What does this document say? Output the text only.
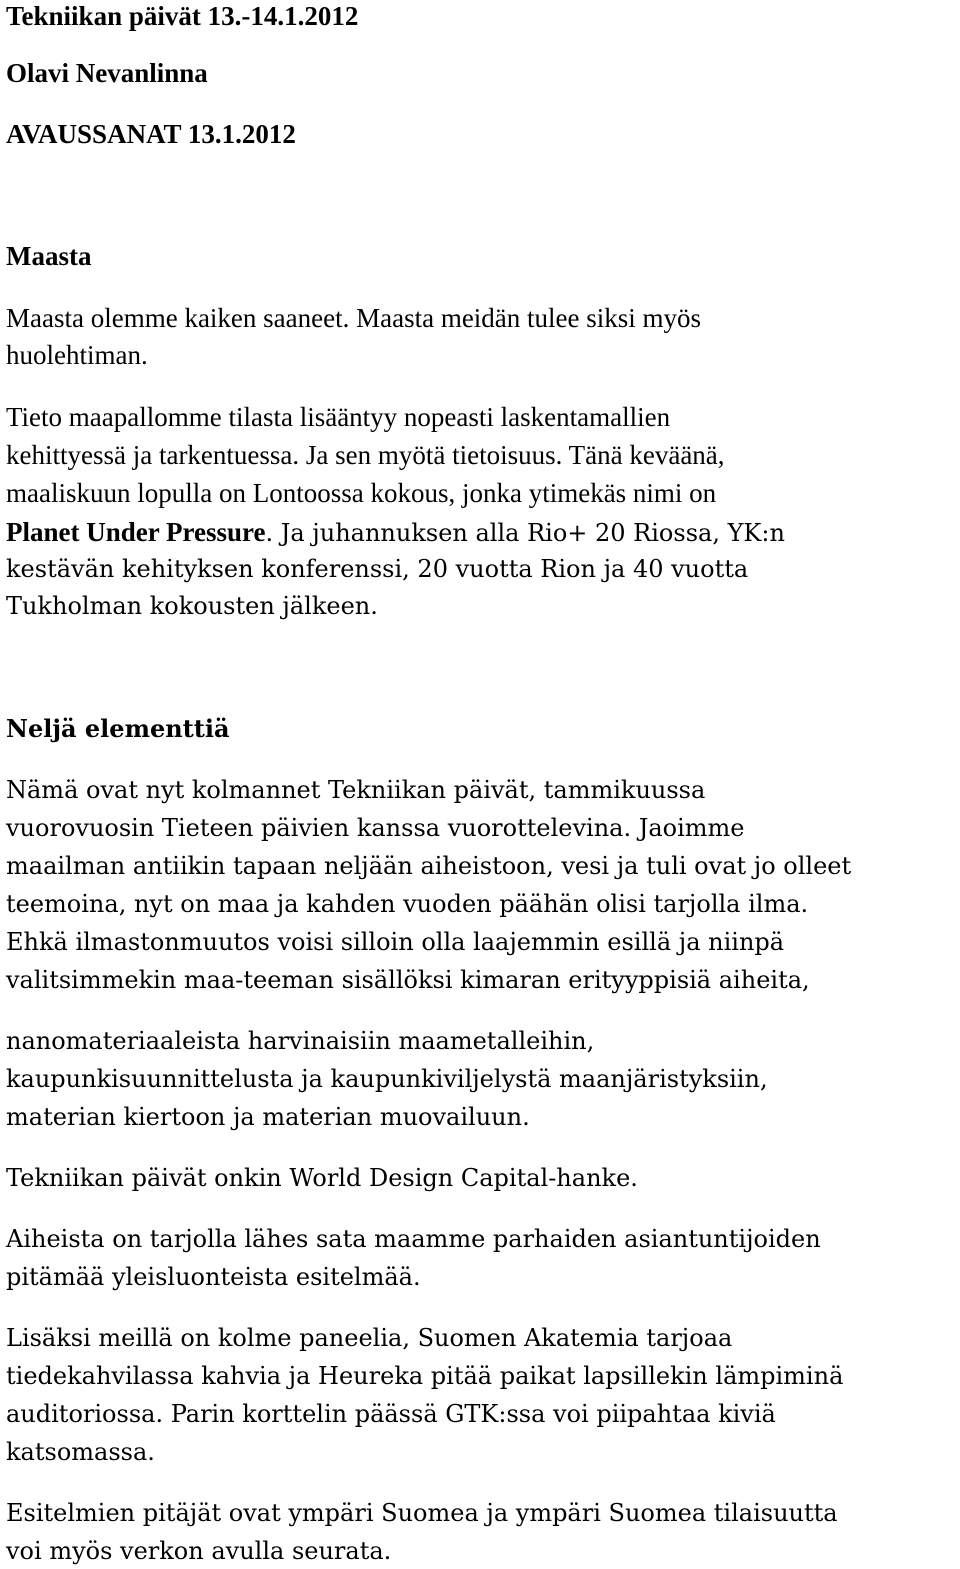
Tekniikan päivät 13.-14.1.2012

Olavi Nevanlinna

AVAUSSANAT 13.1.2012

Maasta

Maasta olemme kaiken saaneet. Maasta meidän tulee siksi myös

huolehtiman.

Tieto maapallomme tilasta lisääntyy nopeasti laskentamallien

kehittyessä ja tarkentuessa. Ja sen myötä tietoisuus. Tänä keväänä,

maaliskuun lopulla on Lontoossa kokous, jonka ytimekäs nimi on

Planet Under Pressure. Ja juhannuksen alla Rio+ 20 Riossa, YK:n

kestävän kehityksen konferenssi, 20 vuotta Rion ja 40 vuotta

Tukholman kokousten jälkeen.

Neljä elementtiä

Nämä ovat nyt kolmannet Tekniikan päivät, tammikuussa

vuorovuosin Tieteen päivien kanssa vuorottelevina. Jaoimme

maailman antiikin tapaan neljään aiheistoon, vesi ja tuli ovat jo olleet

teemoina, nyt on maa ja kahden vuoden päähän olisi tarjolla ilma.

Ehkä ilmastonmuutos voisi silloin olla laajemmin esillä ja niinpä

valitsimmekin maa-teeman sisällöksi kimaran erityyppisiä aiheita,

nanomateriaaleista harvinaisiin maametalleihin,

kaupunkisuunnittelusta ja kaupunkiviljelystä maanjäristyksiin,

materian kiertoon ja materian muovailuun.

Tekniikan päivät onkin World Design Capital-hanke.

Aiheista on tarjolla lähes sata maamme parhaiden asiantuntijoiden

pitämää yleisluonteista esitelmää.

Lisäksi meillä on kolme paneelia, Suomen Akatemia tarjoaa

tiedekahvilassa kahvia ja Heureka pitää paikat lapsillekin lämpiminä

auditoriossa. Parin korttelin päässä GTK:ssa voi piipahtaa kiviä

katsomassa.

Esitelmien pitäjät ovat ympäri Suomea ja ympäri Suomea tilaisuutta

voi myös verkon avulla seurata.
